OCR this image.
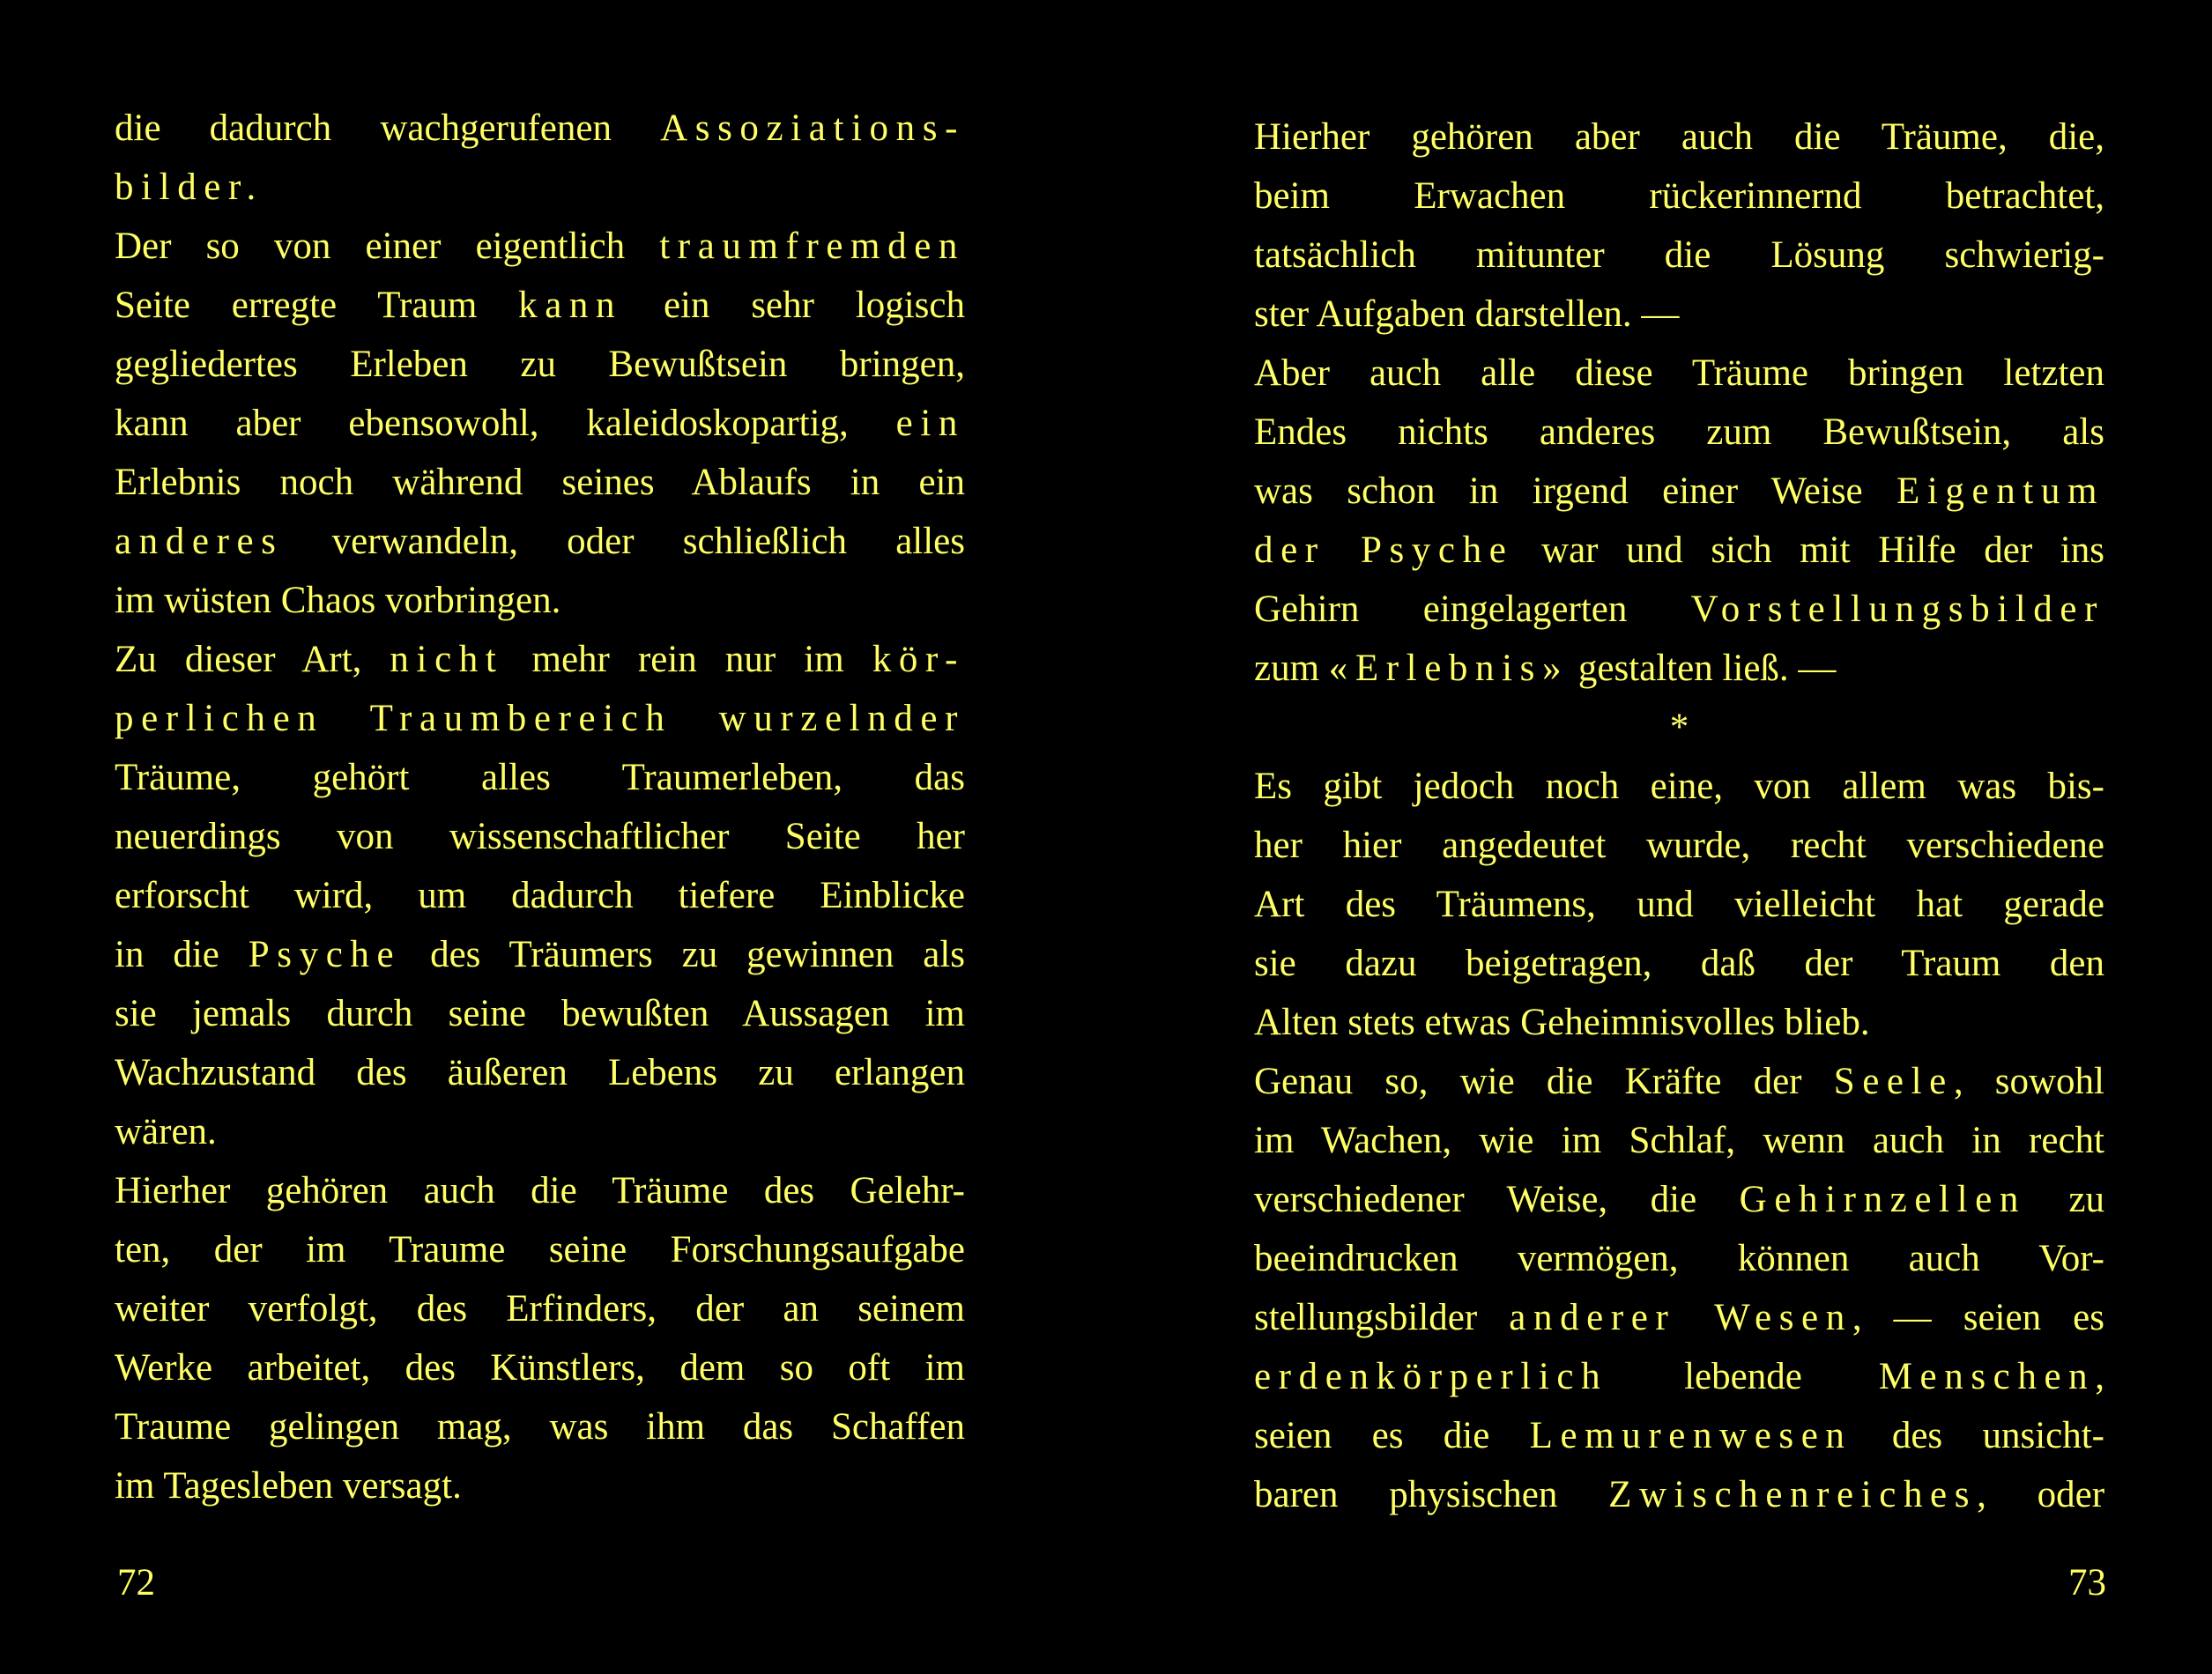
die dadurch wachgerufenen Assoziations-
bilder.
Der so von einer eigentlich traumfremden
Seite erregte Traum kann ein sehr logisch
gegliedertes Erleben zu Bewußtsein bringen,
kann aber ebensowohl, kaleidoskopartig, ein
Erlebnis noch während seines Ablaufs in ein
anderes verwandeln, oder schließlich alles
im wüsten Chaos vorbringen.
Zu dieser Art, nicht mehr rein nur im kör-
perlichen Traumbereich wurzelnder
Träume, gehört alles Traumerleben, das
neuerdings von wissenschaftlicher Seite her
erforscht wird, um dadurch tiefere Einblicke
in die Psyche des Träumers zu gewinnen als
sie jemals durch seine bewußten Aussagen im
Wachzustand des äußeren Lebens zu erlangen
wären.
Hierher gehören auch die Träume des Gelehr-
ten, der im Traume seine Forschungsaufgabe
weiter verfolgt, des Erfinders, der an seinem
Werke arbeitet, des Künstlers, dem so oft im
Traume gelingen mag, was ihm das Schaffen
im Tagesleben versagt.
72
Hierher gehören aber auch die Träume, die,
beim Erwachen rückerinnernd betrachtet,
tatsächlich mitunter die Lösung schwierig-
ster Aufgaben darstellen. —
Aber auch alle diese Träume bringen letzten
Endes nichts anderes zum Bewußtsein, als
was schon in irgend einer Weise Eigentum
der Psyche war und sich mit Hilfe der ins
Gehirn eingelagerten Vorstellungsbilder
zum «Erlebnis» gestalten ließ. —
*
Es gibt jedoch noch eine, von allem was bis-
her hier angedeutet wurde, recht verschiedene
Art des Träumens, und vielleicht hat gerade
sie dazu beigetragen, daß der Traum den
Alten stets etwas Geheimnisvolles blieb.
Genau so, wie die Kräfte der Seele, sowohl
im Wachen, wie im Schlaf, wenn auch in recht
verschiedener Weise, die Gehirnzellen zu
beeindrucken vermögen, können auch Vor-
stellungsbilder anderer Wesen, — seien es
erdenkörperlich lebende Menschen,
seien es die Lemurenwesen des unsicht-
baren physischen Zwischenreiches, oder
73
